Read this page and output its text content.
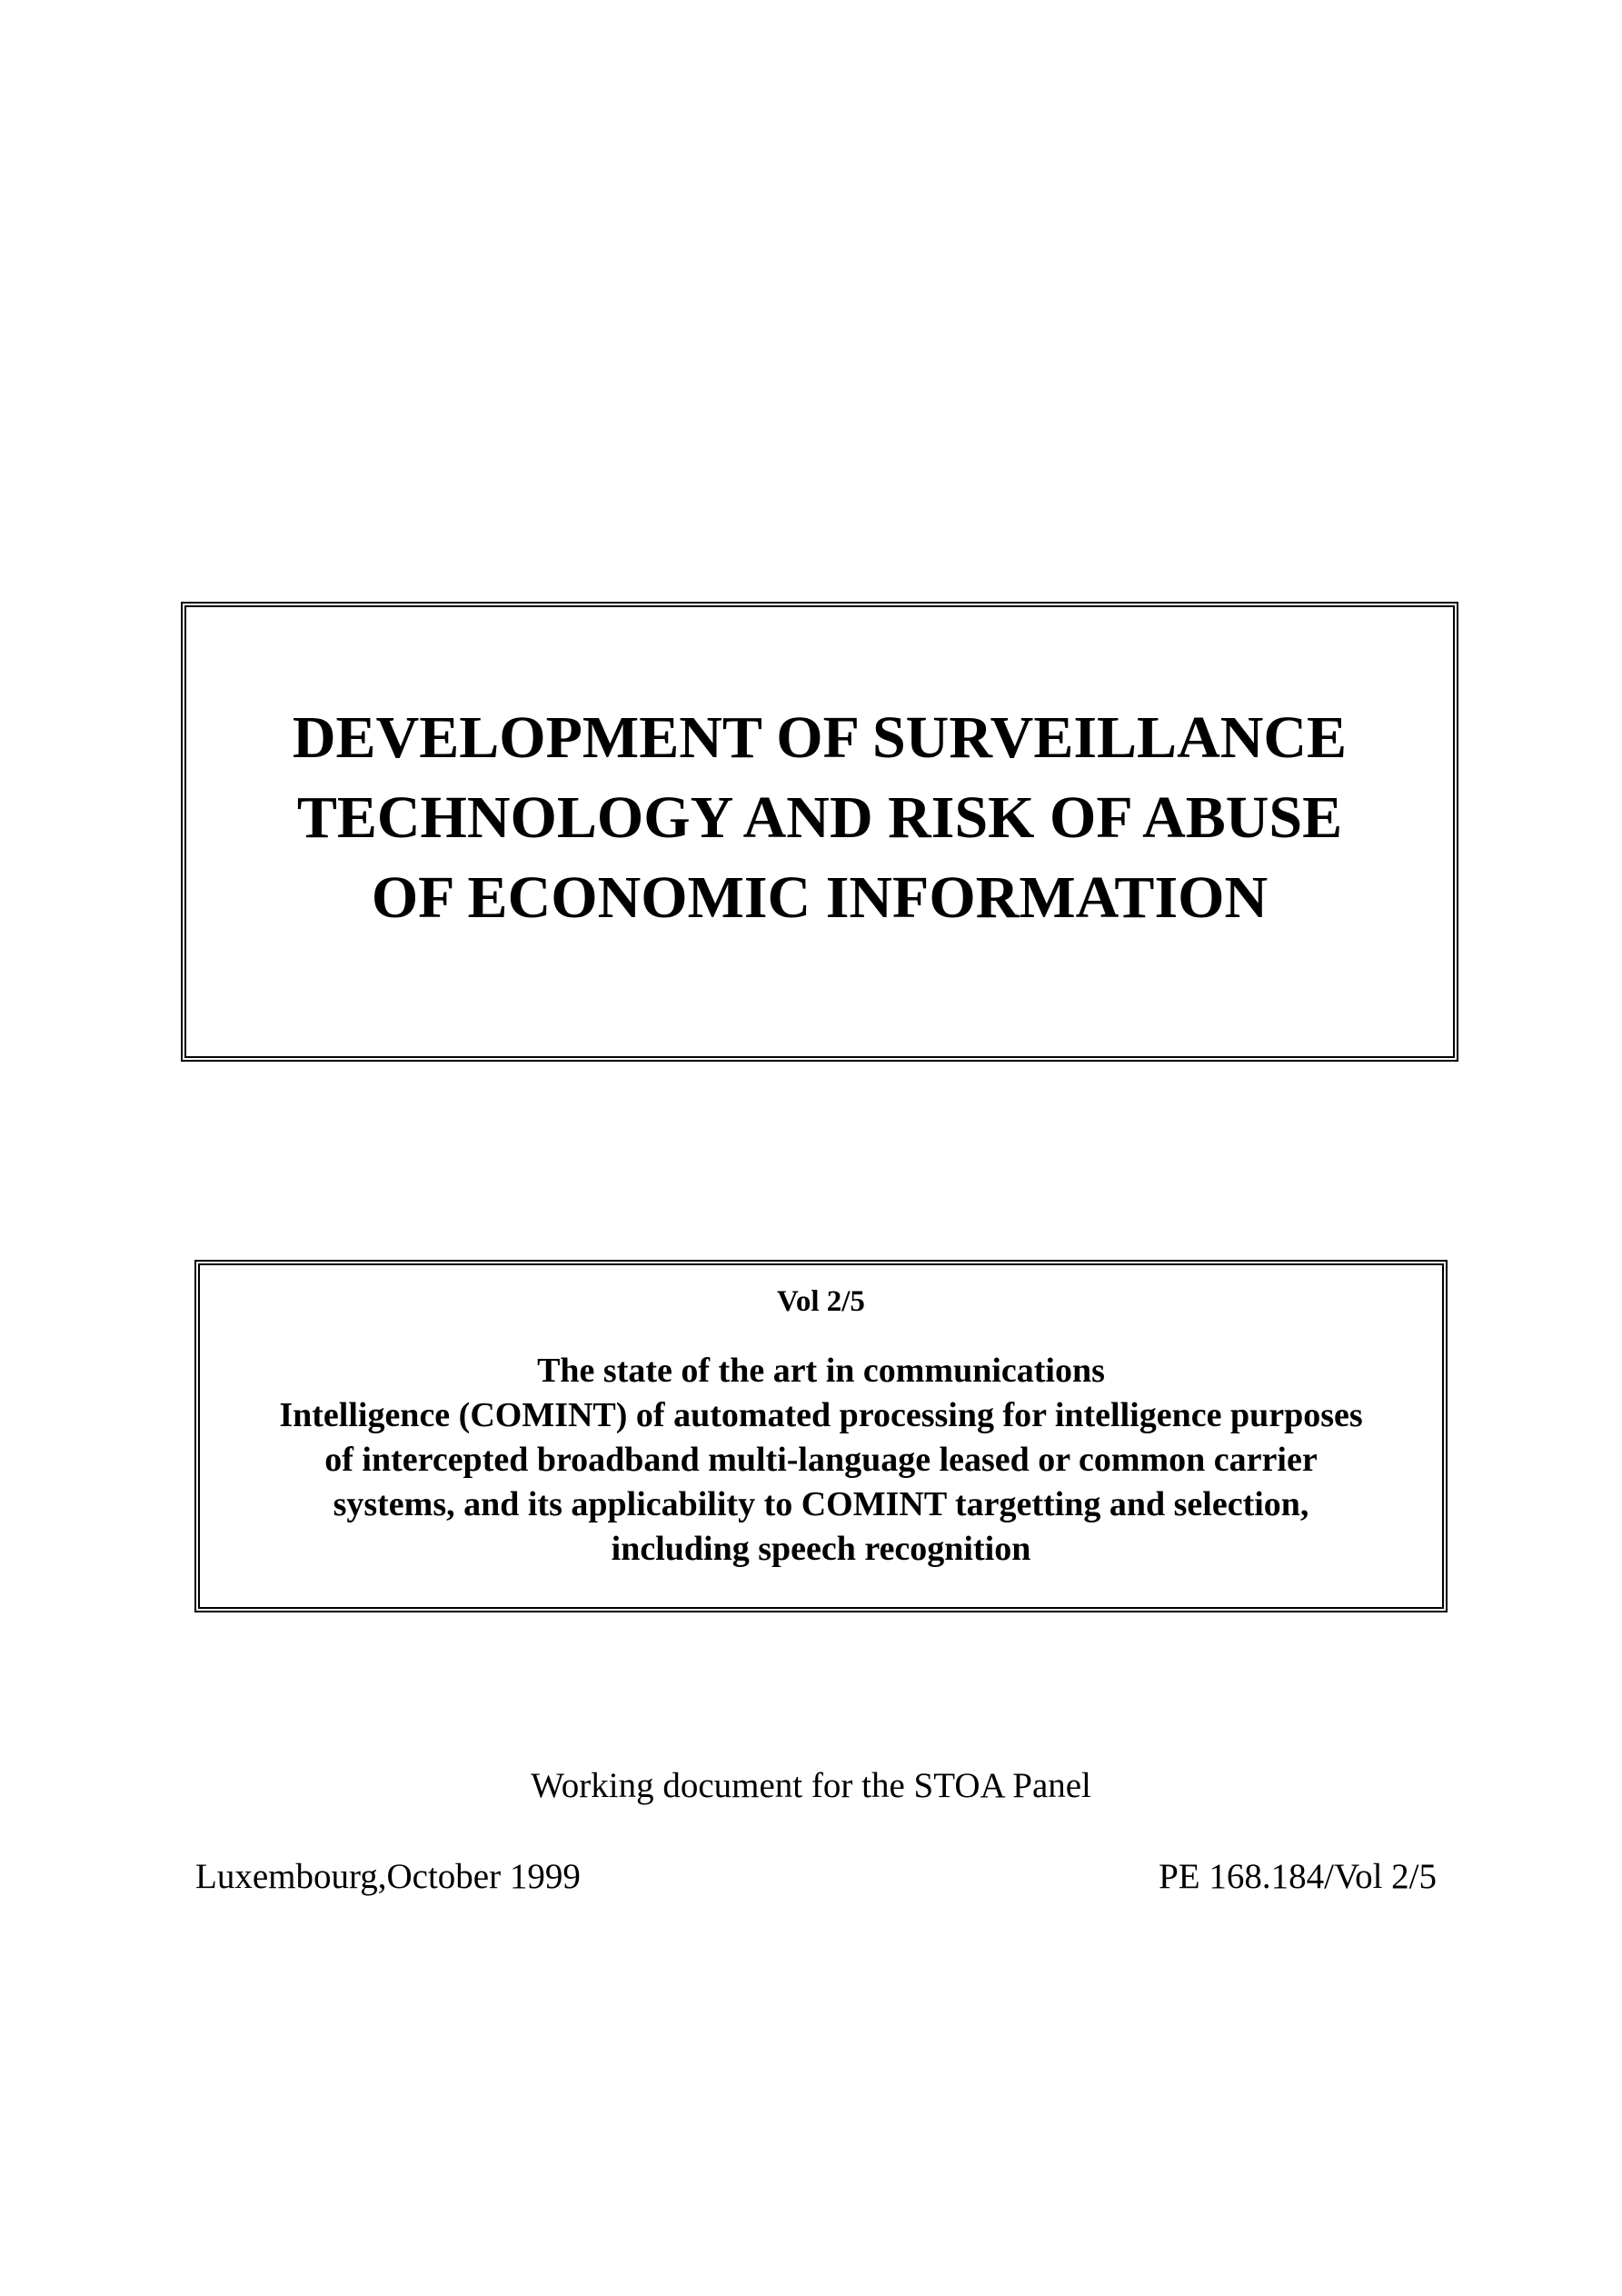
DEVELOPMENT OF SURVEILLANCE
TECHNOLOGY AND RISK OF ABUSE
OF ECONOMIC INFORMATION
Vol 2/5
The state of the art in communications
Intelligence (COMINT) of automated processing for intelligence purposes
of intercepted broadband multi-language leased or common carrier
systems, and its applicability to COMINT targetting and selection,
including speech recognition
Working document for the STOA Panel
Luxembourg,October 1999	PE 168.184/Vol 2/5
